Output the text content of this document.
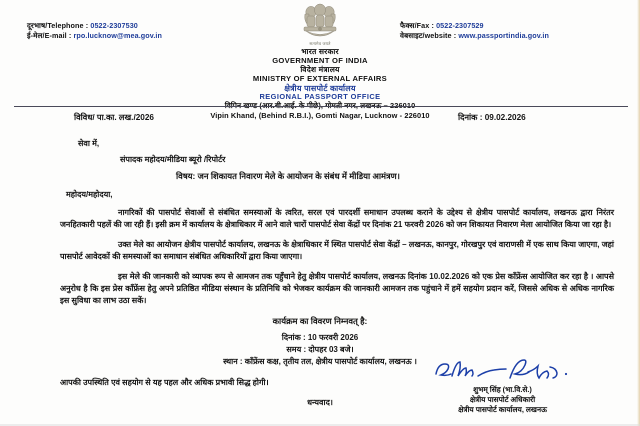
दूरभाष/Telephone : 0522-2307530
ई-मेल/E-mail : rpo.lucknow@mea.gov.in
फैक्स/Fax : 0522-2307529
वेबसाइट/website : www.passportindia.gov.in
सत्यमेव जयते
भारत सरकार
GOVERNMENT OF INDIA
विदेश मंत्रालय
MINISTRY OF EXTERNAL AFFAIRS
क्षेत्रीय पासपोर्ट कार्यालय
REGIONAL PASSPORT OFFICE
विपिन खण्ड (आर.बी.आई. के पीछे), गोमती नगर, लखनऊ – 226010
Vipin Khand, (Behind R.B.I.), Gomti Nagar, Lucknow - 226010
विविध/ पा.का. लख./2026	दिनांक : 09.02.2026
सेवा में,
संपादक महोदय/मीडिया ब्यूरो /रिपोर्टर
विषय: जन शिकायत निवारण मेले के आयोजन के संबंध में मीडिया आमंत्रण।
महोदय/महोदया,
नागरिकों की पासपोर्ट सेवाओं से संबंधित समस्याओं के त्वरित, सरल एवं पारदर्शी समाधान उपलब्ध कराने के उद्देश्य से क्षेत्रीय पासपोर्ट कार्यालय, लखनऊ द्वारा निरंतर जनहितकारी पहलें की जा रही हैं। इसी क्रम में कार्यालय के क्षेत्राधिकार में आने वाले चारों पासपोर्ट सेवा केंद्रों पर दिनांक 21 फरवरी 2026 को जन शिकायत निवारण मेला आयोजित किया जा रहा है।
उक्त मेले का आयोजन क्षेत्रीय पासपोर्ट कार्यालय, लखनऊ के क्षेत्राधिकार में स्थित पासपोर्ट सेवा केंद्रों – लखनऊ, कानपुर, गोरखपुर एवं वाराणसी में एक साथ किया जाएगा, जहां पासपोर्ट आवेदकों की समस्याओं का समाधान संबंधित अधिकारियों द्वारा किया जाएगा।
इस मेले की जानकारी को व्यापक रूप से आमजन तक पहुँचाने हेतु क्षेत्रीय पासपोर्ट कार्यालय, लखनऊ दिनांक 10.02.2026 को एक प्रेस कॉंफ्रेंस आयोजित कर रहा है । आपसे अनुरोध है कि इस प्रेस कॉंफ्रेंस हेतु अपने प्रतिष्ठित मीडिया संस्थान के प्रतिनिधि को भेजकर कार्यक्रम की जानकारी आमजन तक पहुंचाने में हमें सहयोग प्रदान करें, जिससे अधिक से अधिक नागरिक इस सुविधा का लाभ उठा सकें।
कार्यक्रम का विवरण निम्नवत् है:
दिनांक : 10 फरवरी 2026
समय : दोपहर 03 बजे।
स्थान : कॉंफ्रेंस कक्ष, तृतीय तल, क्षेत्रीय पासपोर्ट कार्यालय, लखनऊ ।
आपकी उपस्थिति एवं सहयोग से यह पहल और अधिक प्रभावी सिद्ध होगी।
धन्यवाद।
शुभम् सिंह (भा.वि.से.)
क्षेत्रीय पासपोर्ट अधिकारी
क्षेत्रीय पासपोर्ट कार्यालय, लखनऊ
